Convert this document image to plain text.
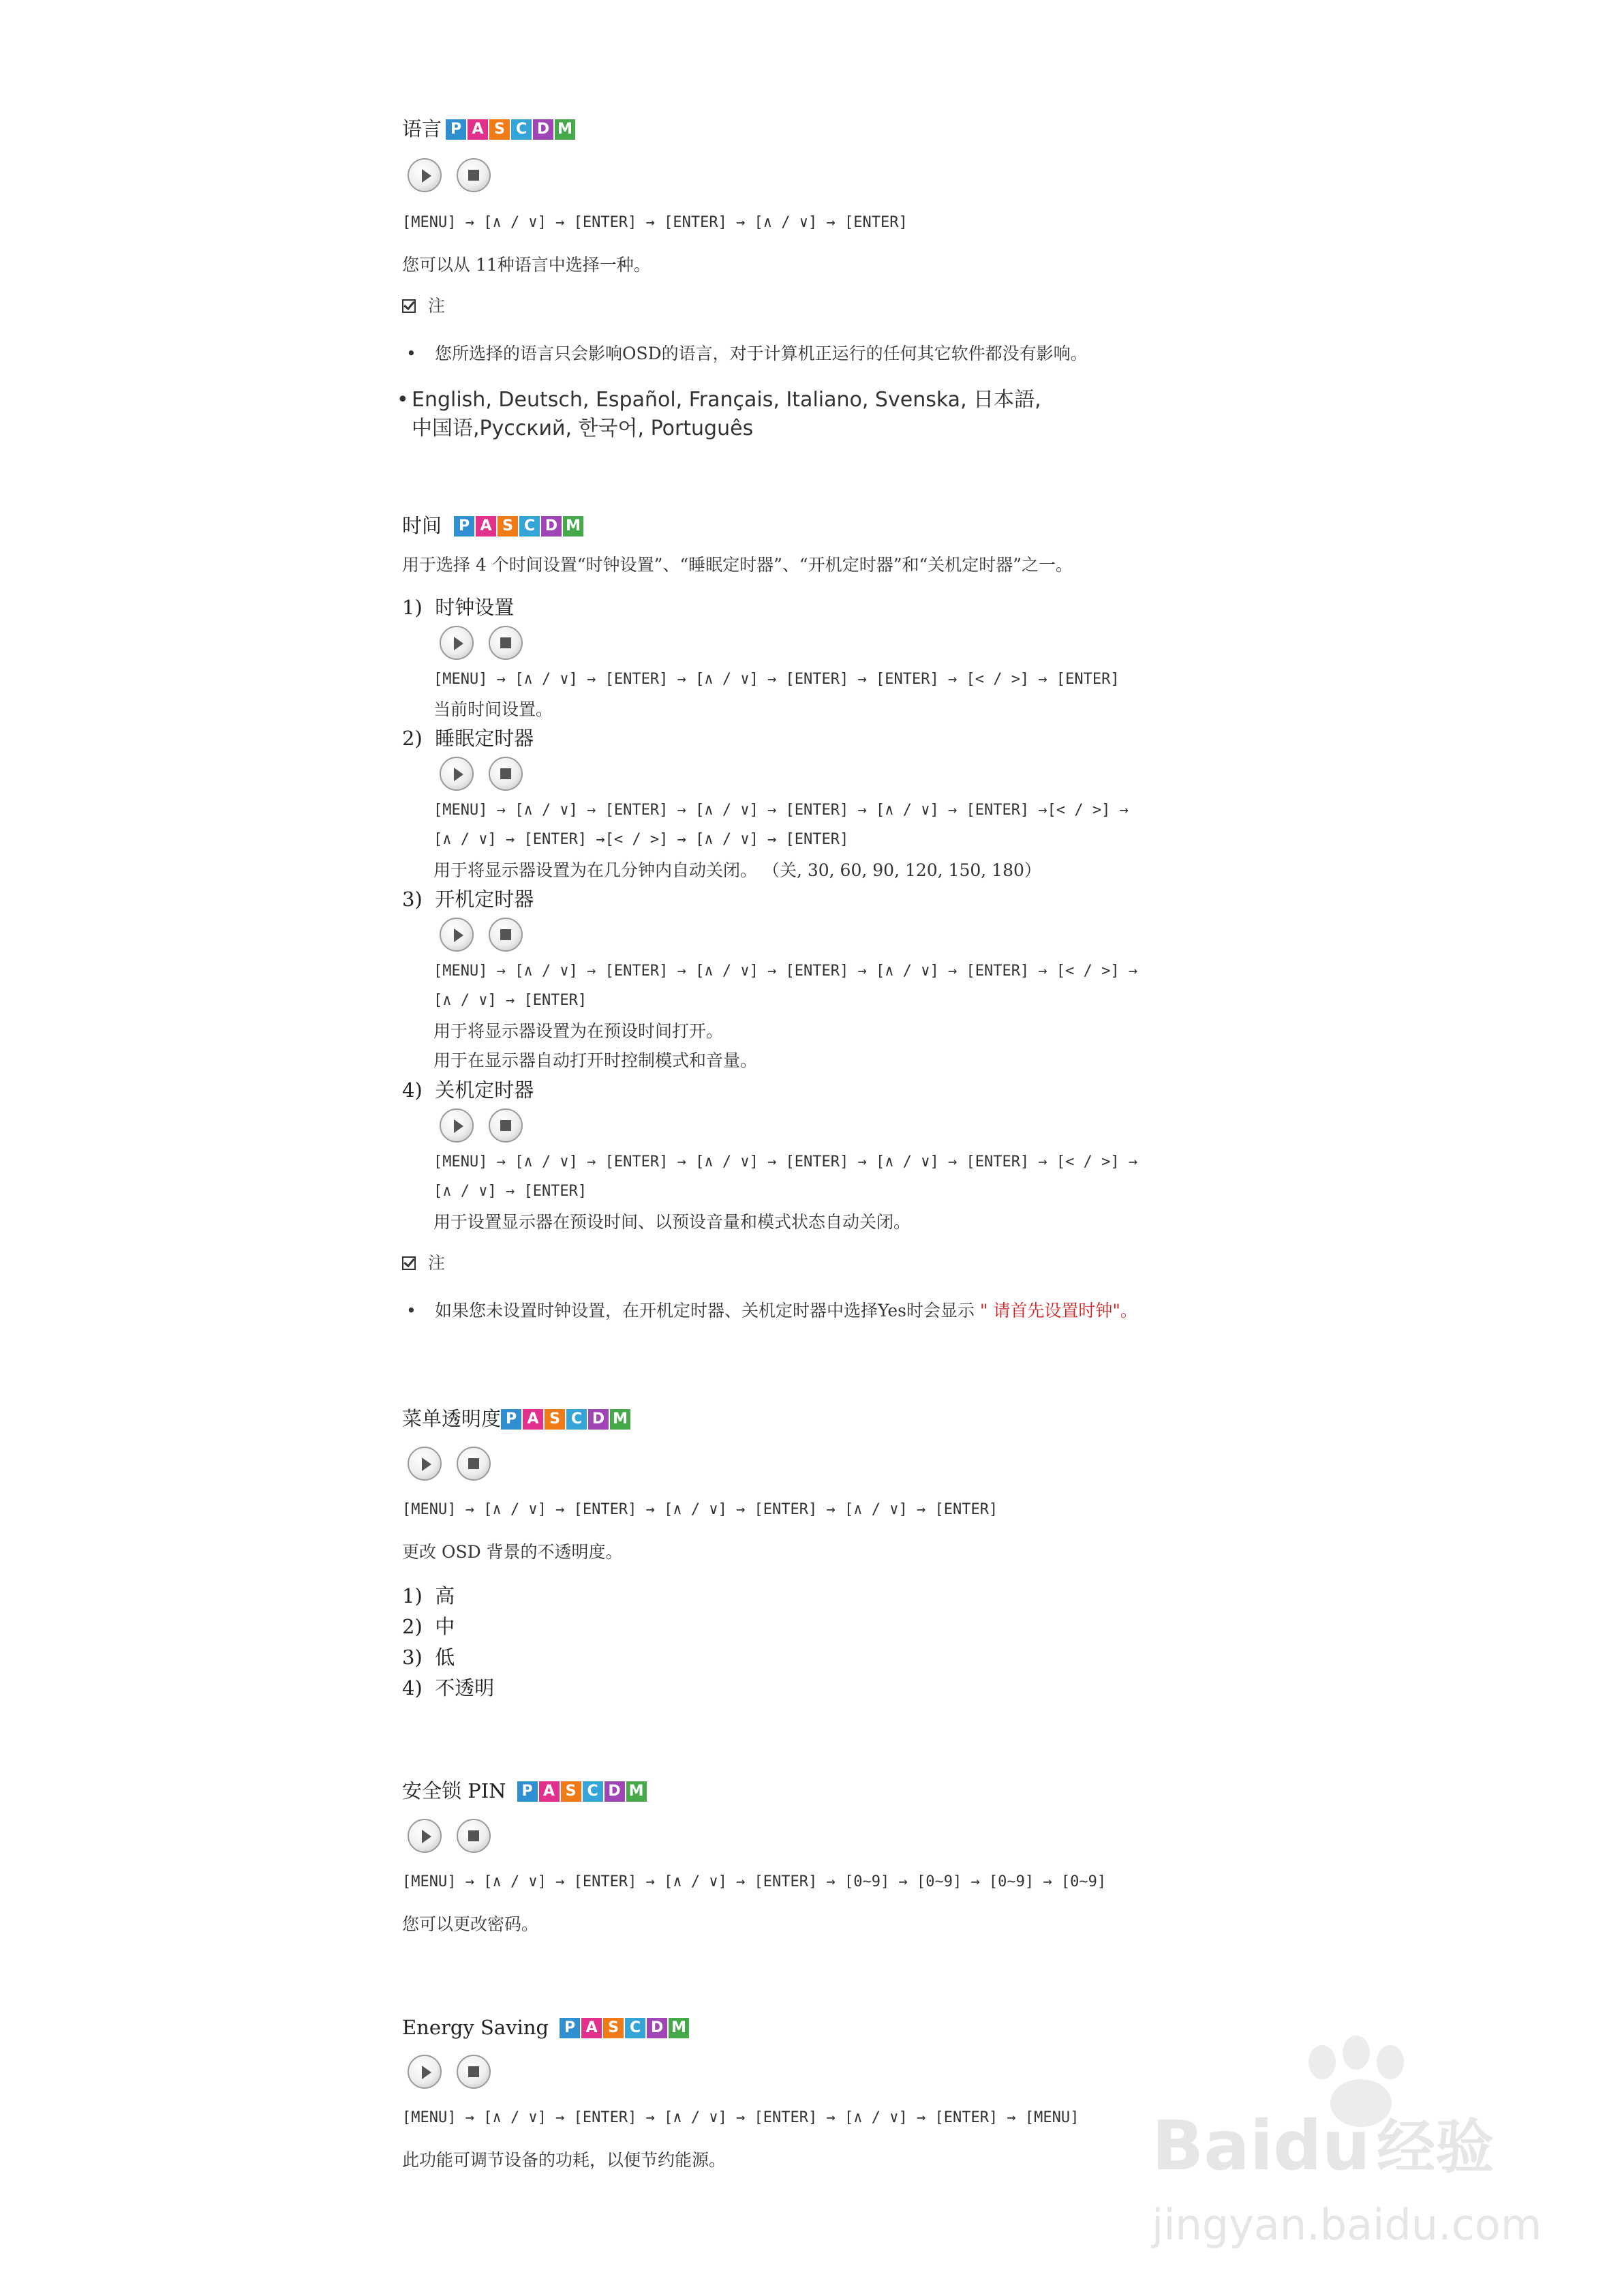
语言 P A S C D M
[MENU] → [∧ / ∨] → [ENTER] → [ENTER] → [∧ / ∨] → [ENTER]
您可以从 11种语言中选择一种。
注
• 您所选择的语言只会影响OSD的语言，对于计算机正运行的任何其它软件都没有影响。
• English, Deutsch, Español, Français, Italiano, Svenska, 日本語,
中国语,Русский, 한국어, Português
时间	P A S C D M
用于选择 4 个时间设置“时钟设置”、“睡眠定时器”、“开机定时器”和“关机定时器”之一。
1) 时钟设置
[MENU] → [∧ / ∨] → [ENTER] → [∧ / ∨] → [ENTER] → [ENTER] → [< / >] → [ENTER]
当前时间设置。
2) 睡眠定时器
[MENU] → [∧ / ∨] → [ENTER] → [∧ / ∨] → [ENTER] → [∧ / ∨] → [ENTER] →[< / >] →
[∧ / ∨] → [ENTER] →[< / >] → [∧ / ∨] → [ENTER]
用于将显示器设置为在几分钟内自动关闭。 （关, 30, 60, 90, 120, 150, 180）
3) 开机定时器
[MENU] → [∧ / ∨] → [ENTER] → [∧ / ∨] → [ENTER] → [∧ / ∨] → [ENTER] → [< / >] →
[∧ / ∨] → [ENTER]
用于将显示器设置为在预设时间打开。
用于在显示器自动打开时控制模式和音量。
4) 关机定时器
[MENU] → [∧ / ∨] → [ENTER] → [∧ / ∨] → [ENTER] → [∧ / ∨] → [ENTER] → [< / >] →
[∧ / ∨] → [ENTER]
用于设置显示器在预设时间、以预设音量和模式状态自动关闭。
注
• 如果您未设置时钟设置，在开机定时器、关机定时器中选择Yes时会显示 " 请首先设置时钟"。
菜单透明度 P A S C D M
[MENU] → [∧ / ∨] → [ENTER] → [∧ / ∨] → [ENTER] → [∧ / ∨] → [ENTER]
更改 OSD 背景的不透明度。
1) 高
2) 中
3) 低
4) 不透明
安全锁 PIN	P A S C D M
[MENU] → [∧ / ∨] → [ENTER] → [∧ / ∨] → [ENTER] → [0~9] → [0~9] → [0~9] → [0~9]
您可以更改密码。
Energy Saving	P A S C D M
[MENU] → [∧ / ∨] → [ENTER] → [∧ / ∨] → [ENTER] → [∧ / ∨] → [ENTER] → [MENU]
此功能可调节设备的功耗，以便节约能源。	Baidu 经验
jingyan.baidu.com
